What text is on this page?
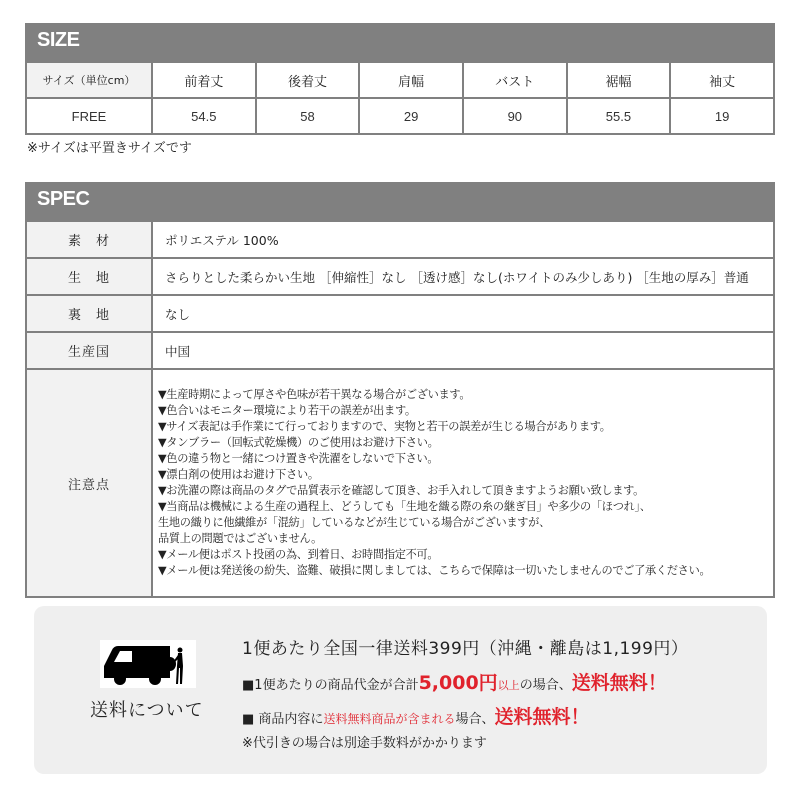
SIZE
サイズ（単位cm）	前着丈	後着丈	肩幅	バスト	裾幅	袖丈
FREE	54.5	58	29	90	55.5	19
※サイズは平置きサイズです
SPEC
素　材	ポリエステル 100%
生　地	さらりとした柔らかい生地 ［伸縮性］なし ［透け感］なし(ホワイトのみ少しあり) ［生地の厚み］普通
裏　地	なし
生産国	中国
注意点	
▼生産時期によって厚さや色味が若干異なる場合がございます。
▼色合いはモニター環境により若干の誤差が出ます。
▼サイズ表記は手作業にて行っておりますので、実物と若干の誤差が生じる場合があります。
▼タンブラー（回転式乾燥機）のご使用はお避け下さい。
▼色の違う物と一緒につけ置きや洗濯をしないで下さい。
▼漂白剤の使用はお避け下さい。
▼お洗濯の際は商品のタグで品質表示を確認して頂き、お手入れして頂きますようお願い致します。
▼当商品は機械による生産の過程上、どうしても「生地を織る際の糸の継ぎ目」や多少の「ほつれ」、
生地の織りに他繊維が「混紡」しているなどが生じている場合がございますが、
品質上の問題ではございません。
▼メール便はポスト投函の為、到着日、お時間指定不可。
▼メール便は発送後の紛失、盗難、破損に関しましては、こちらで保障は一切いたしませんのでご了承ください。
送料について
1便あたり全国一律送料399円（沖縄・離島は1,199円）
■1便あたりの商品代金が合計5,000円以上の場合、送料無料！
■ 商品内容に送料無料商品が含まれる場合、送料無料！
※代引きの場合は別途手数料がかかります
